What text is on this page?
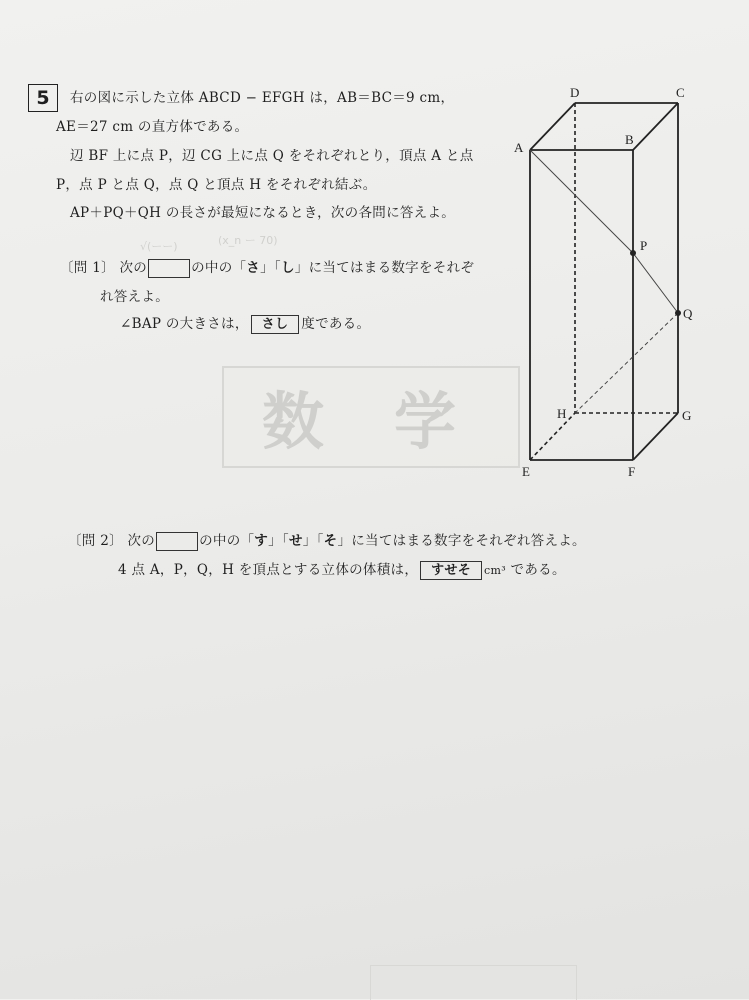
5	右の図に示した立体 ABCD − EFGH は，AB＝BC＝9 cm，
AE＝27 cm の直方体である。
辺 BF 上に点 P，辺 CG 上に点 Q をそれぞれとり，頂点 A と点
P，点 P と点 Q，点 Q と頂点 H をそれぞれ結ぶ。
AP＋PQ＋QH の長さが最短になるとき，次の各問に答えよ。
√(ーー)	(x_n ー 70)
〔問 1〕 次の	の中の「さ」「し」に当てはまる数字をそれぞ
れ答えよ。
∠BAP の大きさは， さし 度である。
数学
A
B
C
D
E	F
G
H
P
Q
〔問 2〕 次の	の中の「す」「せ」「そ」に当てはまる数字をそれぞれ答えよ。
4 点 A，P，Q，H を頂点とする立体の体積は， すせそ cm³ である。
